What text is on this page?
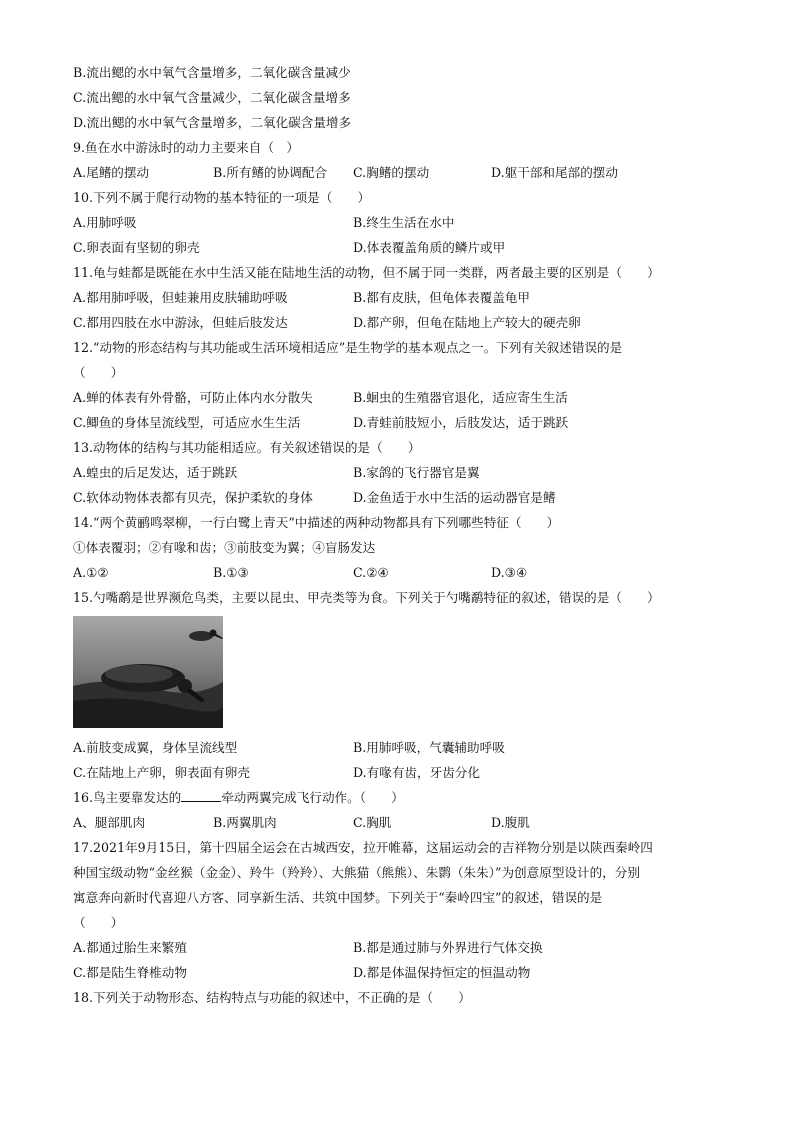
B.流出鳃的水中氧气含量增多，二氧化碳含量减少
C.流出鳃的水中氧气含量减少，二氧化碳含量增多
D.流出鳃的水中氧气含量增多，二氧化碳含量增多
9.鱼在水中游泳时的动力主要来自（　）
A.尾鳍的摆动	B.所有鳍的协调配合 C.胸鳍的摆动	D.躯干部和尾部的摆动
10.下列不属于爬行动物的基本特征的一项是（　　）
A.用肺呼吸	B.终生生活在水中
C.卵表面有坚韧的卵壳	D.体表覆盖角质的鳞片或甲
11.龟与蛙都是既能在水中生活又能在陆地生活的动物，但不属于同一类群，两者最主要的区别是（　　）
A.都用肺呼吸，但蛙兼用皮肤辅助呼吸	B.都有皮肤，但龟体表覆盖龟甲
C.都用四肢在水中游泳，但蛙后肢发达	D.都产卵，但龟在陆地上产较大的硬壳卵
12.“动物的形态结构与其功能或生活环境相适应”是生物学的基本观点之一。下列有关叙述错误的是
（　　）
A.蝉的体表有外骨骼，可防止体内水分散失	B.蛔虫的生殖器官退化，适应寄生生活
C.鲫鱼的身体呈流线型，可适应水生生活	D.青蛙前肢短小，后肢发达，适于跳跃
13.动物体的结构与其功能相适应。有关叙述错误的是（　　）
A.蝗虫的后足发达，适于跳跃	B.家鸽的飞行器官是翼
C.软体动物体表都有贝壳，保护柔软的身体	D.金鱼适于水中生活的运动器官是鳍
14.“两个黄鹂鸣翠柳，一行白鹭上青天”中描述的两种动物都具有下列哪些特征（　　）
①体表覆羽；②有喙和齿；③前肢变为翼；④盲肠发达
A.①②	B.①③	C.②④	D.③④
15.勺嘴鹬是世界濒危鸟类，主要以昆虫、甲壳类等为食。下列关于勺嘴鹬特征的叙述，错误的是（　　）
A.前肢变成翼，身体呈流线型	B.用肺呼吸，气囊辅助呼吸
C.在陆地上产卵，卵表面有卵壳	D.有喙有齿，牙齿分化
16.鸟主要靠发达的	牵动两翼完成飞行动作。（　　）
A、腿部肌肉	B.两翼肌肉	C.胸肌	D.腹肌
17.2021年9月15日，第十四届全运会在古城西安，拉开帷幕，这届运动会的吉祥物分别是以陕西秦岭四
种国宝级动物“金丝猴（金金）、羚牛（羚羚）、大熊猫（熊熊）、朱鹮（朱朱）”为创意原型设计的，分别
寓意奔向新时代喜迎八方客、同享新生活、共筑中国梦。下列关于“秦岭四宝”的叙述，错误的是
（　　）
A.都通过胎生来繁殖	B.都是通过肺与外界进行气体交换
C.都是陆生脊椎动物	D.都是体温保持恒定的恒温动物
18.下列关于动物形态、结构特点与功能的叙述中，不正确的是（　　）
